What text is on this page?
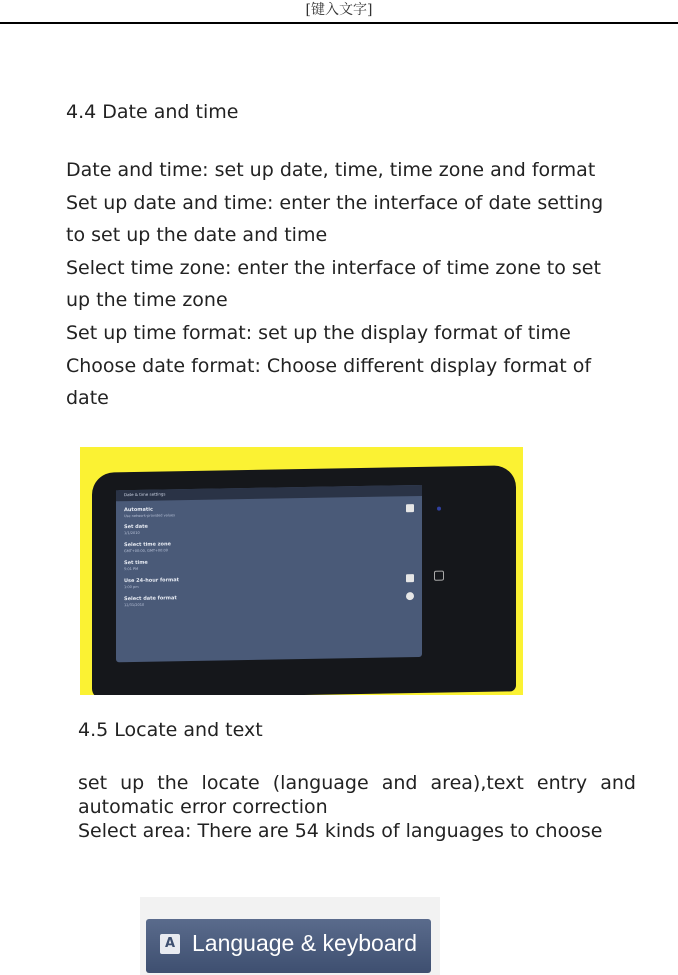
[键入文字]
4.4 Date and time
Date and time: set up date, time, time zone and format
Set up date and time: enter the interface of date setting
to set up the date and time
Select time zone: enter the interface of time zone to set
up the time zone
Set up time format: set up the display format of time
Choose date format: Choose different display format of
date
Date & time settings
Automatic
Use network-provided values
Set date
1/1/2010
Select time zone
GMT+00:00, GMT+00:00
Set time
5:01 PM
Use 24-hour format
1:00 pm
Select date format
12/31/2010
4.5 Locate and text
set up the locate (language and area),text entry and
automatic error correction
Select area: There are 54 kinds of languages to choose
A Language & keyboard
